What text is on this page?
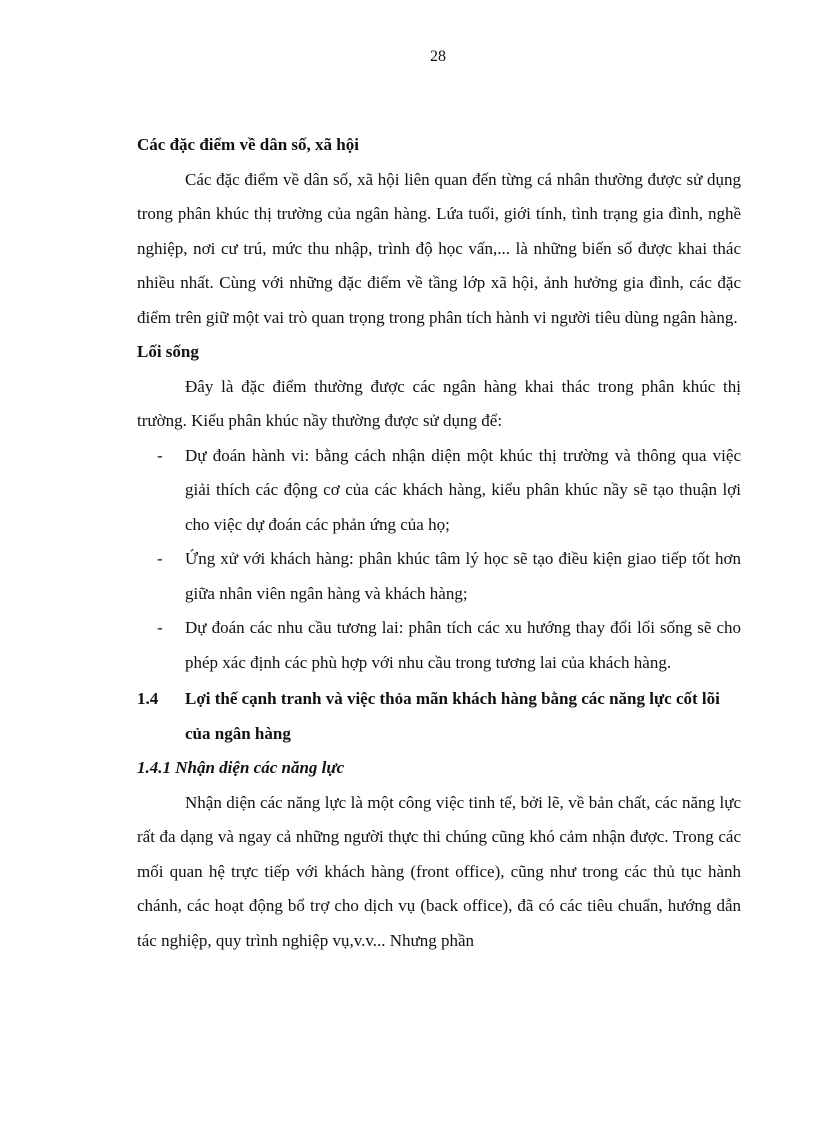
28

Các đặc điểm về dân số, xã hội

Các đặc điểm về dân số, xã hội liên quan đến từng cá nhân thường được sử dụng trong phân khúc thị trường của ngân hàng. Lứa tuổi, giới tính, tình trạng gia đình, nghề nghiệp, nơi cư trú, mức thu nhập, trình độ học vấn,... là những biến số được khai thác nhiều nhất. Cùng với những đặc điểm về tầng lớp xã hội, ảnh hưởng gia đình, các đặc điểm trên giữ một vai trò quan trọng trong phân tích hành vi người tiêu dùng ngân hàng.

Lối sống

Đây là đặc điểm thường được các ngân hàng khai thác trong phân khúc thị trường. Kiểu phân khúc nầy thường được sử dụng để:

- Dự đoán hành vi: bằng cách nhận diện một khúc thị trường và thông qua việc giải thích các động cơ của các khách hàng, kiểu phân khúc nầy sẽ tạo thuận lợi cho việc dự đoán các phản ứng của họ;
- Ứng xử với khách hàng: phân khúc tâm lý học sẽ tạo điều kiện giao tiếp tốt hơn giữa nhân viên ngân hàng và khách hàng;
- Dự đoán các nhu cầu tương lai: phân tích các xu hướng thay đổi lối sống sẽ cho phép xác định các phù hợp với nhu cầu trong tương lai của khách hàng.
1.4 Lợi thế cạnh tranh và việc thỏa mãn khách hàng bằng các năng lực cốt lõi của ngân hàng

1.4.1 Nhận diện các năng lực

Nhận diện các năng lực là một công việc tinh tế, bởi lẽ, về bản chất, các năng lực rất đa dạng và ngay cả những người thực thi chúng cũng khó cảm nhận được. Trong các mối quan hệ trực tiếp với khách hàng (front office), cũng như trong các thủ tục hành chánh, các hoạt động bổ trợ cho dịch vụ (back office), đã có các tiêu chuẩn, hướng dẫn tác nghiệp, quy trình nghiệp vụ,v.v... Nhưng phần
